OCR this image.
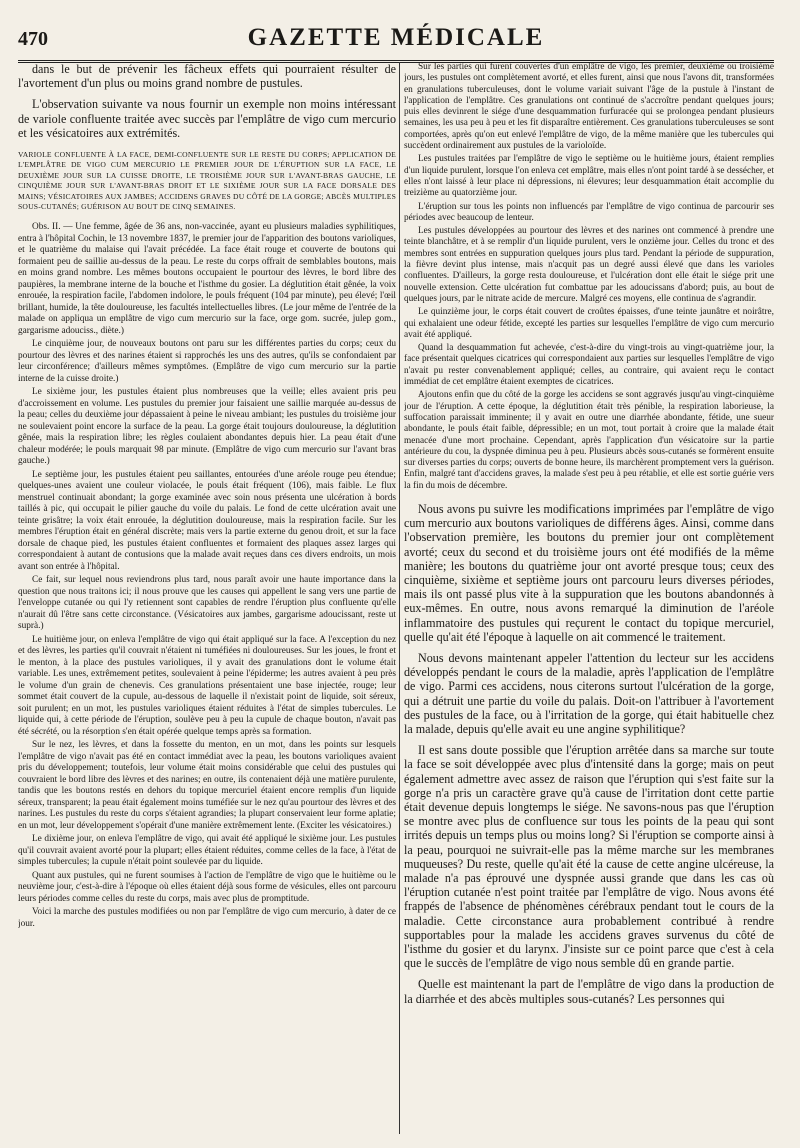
470	GAZETTE MÉDICALE

dans le but de prévenir les fâcheux effets qui pourraient résulter de l'avortement d'un plus ou moins grand nombre de pustules.

L'observation suivante va nous fournir un exemple non moins intéressant de variole confluente traitée avec succès par l'emplâtre de vigo cum mercurio et les vésicatoires aux extrémités.

VARIOLE CONFLUENTE À LA FACE, DEMI-CONFLUENTE SUR LE RESTE DU CORPS; APPLICATION DE L'EMPLÂTRE DE VIGO CUM MERCURIO LE PREMIER JOUR DE L'ÉRUPTION SUR LA FACE, LE DEUXIÈME JOUR SUR LA CUISSE DROITE, LE TROISIÈME JOUR SUR L'AVANT-BRAS GAUCHE, LE CINQUIÈME JOUR SUR L'AVANT-BRAS DROIT ET LE SIXIÈME JOUR SUR LA FACE DORSALE DES MAINS; VÉSICATOIRES AUX JAMBES; ACCIDENS GRAVES DU CÔTÉ DE LA GORGE; ABCÈS MULTIPLES SOUS-CUTANÉS; GUÉRISON AU BOUT DE CINQ SEMAINES.

Obs. II. — Une femme, âgée de 36 ans, non-vaccinée, ayant eu plusieurs maladies syphilitiques, entra à l'hôpital Cochin, le 13 novembre 1837, le premier jour de l'apparition des boutons varioliques, et le quatrième du malaise qui l'avait précédée. La face était rouge et couverte de boutons qui formaient peu de saillie au-dessus de la peau. Le reste du corps offrait de semblables boutons, mais en moins grand nombre. Les mêmes boutons occupaient le pourtour des lèvres, le bord libre des paupières, la membrane interne de la bouche et l'isthme du gosier. La déglutition était gênée, la voix enrouée, la respiration facile, l'abdomen indolore, le pouls fréquent (104 par minute), peu élevé; l'œil brillant, humide, la tête douloureuse, les facultés intellectuelles libres. (Le jour même de l'entrée de la malade on appliqua un emplâtre de vigo cum mercurio sur la face, orge gom. sucrée, julep gom., gargarisme adouciss., diète.)

Le cinquième jour, de nouveaux boutons ont paru sur les différentes parties du corps; ceux du pourtour des lèvres et des narines étaient si rapprochés les uns des autres, qu'ils se confondaient par leur circonférence; d'ailleurs mêmes symptômes. (Emplâtre de vigo cum mercurio sur la partie interne de la cuisse droite.)

Le sixième jour, les pustules étaient plus nombreuses que la veille; elles avaient pris peu d'accroissement en volume. Les pustules du premier jour faisaient une saillie marquée au-dessus de la peau; celles du deuxième jour dépassaient à peine le niveau ambiant; les pustules du troisième jour ne soulevaient point encore la surface de la peau. La gorge était toujours douloureuse, la déglutition gênée, mais la respiration libre; les règles coulaient abondantes depuis hier. La peau était d'une chaleur modérée; le pouls marquait 98 par minute. (Emplâtre de vigo cum mercurio sur l'avant bras gauche.)

Le septième jour, les pustules étaient peu saillantes, entourées d'une aréole rouge peu étendue; quelques-unes avaient une couleur violacée, le pouls était fréquent (106), mais faible. Le flux menstruel continuait abondant; la gorge examinée avec soin nous présenta une ulcération à bords taillés à pic, qui occupait le pilier gauche du voile du palais. Le fond de cette ulcération avait une teinte grisâtre; la voix était enrouée, la déglutition douloureuse, mais la respiration facile. Sur les membres l'éruption était en général discrète; mais vers la partie externe du genou droit, et sur la face dorsale de chaque pied, les pustules étaient confluentes et formaient des plaques assez larges qui correspondaient à autant de contusions que la malade avait reçues dans ces divers endroits, un mois avant son entrée à l'hôpital.

Ce fait, sur lequel nous reviendrons plus tard, nous paraît avoir une haute importance dans la question que nous traitons ici; il nous prouve que les causes qui appellent le sang vers une partie de l'enveloppe cutanée ou qui l'y retiennent sont capables de rendre l'éruption plus confluente qu'elle n'aurait dû l'être sans cette circonstance. (Vésicatoires aux jambes, gargarisme adoucissant, reste ut suprà.)

Le huitième jour, on enleva l'emplâtre de vigo qui était appliqué sur la face. A l'exception du nez et des lèvres, les parties qu'il couvrait n'étaient ni tuméfiées ni douloureuses. Sur les joues, le front et le menton, à la place des pustules varioliques, il y avait des granulations dont le volume était variable. Les unes, extrêmement petites, soulevaient à peine l'épiderme; les autres avaient à peu près le volume d'un grain de chenevis. Ces granulations présentaient une base injectée, rouge; leur sommet était couvert de la cupule, au-dessous de laquelle il n'existait point de liquide, soit séreux, soit purulent; en un mot, les pustules varioliques étaient réduites à l'état de simples tubercules. Le liquide qui, à cette période de l'éruption, soulève peu à peu la cupule de chaque bouton, n'avait pas été sécrété, ou la résorption s'en était opérée quelque temps après sa formation.

Sur le nez, les lèvres, et dans la fossette du menton, en un mot, dans les points sur lesquels l'emplâtre de vigo n'avait pas été en contact immédiat avec la peau, les boutons varioliques avaient pris du développement; toutefois, leur volume était moins considérable que celui des pustules qui couvraient le bord libre des lèvres et des narines; en outre, ils contenaient déjà une matière purulente, tandis que les boutons restés en dehors du topique mercuriel étaient encore remplis d'un liquide séreux, transparent; la peau était également moins tuméfiée sur le nez qu'au pourtour des lèvres et des narines. Les pustules du reste du corps s'étaient agrandies; la plupart conservaient leur forme aplatie; en un mot, leur développement s'opérait d'une manière extrêmement lente. (Exciter les vésicatoires.)

Le dixième jour, on enleva l'emplâtre de vigo, qui avait été appliqué le sixième jour. Les pustules qu'il couvrait avaient avorté pour la plupart; elles étaient réduites, comme celles de la face, à l'état de simples tubercules; la cupule n'était point soulevée par du liquide.

Quant aux pustules, qui ne furent soumises à l'action de l'emplâtre de vigo que le huitième ou le neuvième jour, c'est-à-dire à l'époque où elles étaient déjà sous forme de vésicules, elles ont parcouru leurs périodes comme celles du reste du corps, mais avec plus de promptitude.

Voici la marche des pustules modifiées ou non par l'emplâtre de vigo cum mercurio, à dater de ce jour.

Sur les parties qui furent couvertes d'un emplâtre de vigo, les premier, deuxième ou troisième jours, les pustules ont complètement avorté, et elles furent, ainsi que nous l'avons dit, transformées en granulations tuberculeuses, dont le volume variait suivant l'âge de la pustule à l'instant de l'application de l'emplâtre. Ces granulations ont continué de s'accroître pendant quelques jours; puis elles devinrent le siége d'une desquammation furfuracée qui se prolongea pendant plusieurs semaines, les usa peu à peu et les fit disparaître entièrement. Ces granulations tuberculeuses se sont comportées, après qu'on eut enlevé l'emplâtre de vigo, de la même manière que les tubercules qui succèdent ordinairement aux pustules de la varioloïde.

Les pustules traitées par l'emplâtre de vigo le septième ou le huitième jours, étaient remplies d'un liquide purulent, lorsque l'on enleva cet emplâtre, mais elles n'ont point tardé à se dessécher, et elles n'ont laissé à leur place ni dépressions, ni élevures; leur desquammation était accomplie du treizième au quatorzième jour.

L'éruption sur tous les points non influencés par l'emplâtre de vigo continua de parcourir ses périodes avec beaucoup de lenteur.

Les pustules développées au pourtour des lèvres et des narines ont commencé à prendre une teinte blanchâtre, et à se remplir d'un liquide purulent, vers le onzième jour. Celles du tronc et des membres sont entrées en suppuration quelques jours plus tard. Pendant la période de suppuration, la fièvre devint plus intense, mais n'acquit pas un degré aussi élevé que dans les varioles confluentes. D'ailleurs, la gorge resta douloureuse, et l'ulcération dont elle était le siége prit une nouvelle extension. Cette ulcération fut combattue par les adoucissans d'abord; puis, au bout de quelques jours, par le nitrate acide de mercure. Malgré ces moyens, elle continua de s'agrandir.

Le quinzième jour, le corps était couvert de croûtes épaisses, d'une teinte jaunâtre et noirâtre, qui exhalaient une odeur fétide, excepté les parties sur lesquelles l'emplâtre de vigo cum mercurio avait été appliqué.

Quand la desquammation fut achevée, c'est-à-dire du vingt-trois au vingt-quatrième jour, la face présentait quelques cicatrices qui correspondaient aux parties sur lesquelles l'emplâtre de vigo n'avait pu rester convenablement appliqué; celles, au contraire, qui avaient reçu le contact immédiat de cet emplâtre étaient exemptes de cicatrices.

Ajoutons enfin que du côté de la gorge les accidens se sont aggravés jusqu'au vingt-cinquième jour de l'éruption. A cette époque, la déglutition était très pénible, la respiration laborieuse, la suffocation paraissait imminente; il y avait en outre une diarrhée abondante, fétide, une sueur abondante, le pouls était faible, dépressible; en un mot, tout portait à croire que la malade était menacée d'une mort prochaine. Cependant, après l'application d'un vésicatoire sur la partie antérieure du cou, la dyspnée diminua peu à peu. Plusieurs abcès sous-cutanés se formèrent ensuite sur diverses parties du corps; ouverts de bonne heure, ils marchèrent promptement vers la guérison. Enfin, malgré tant d'accidens graves, la malade s'est peu à peu rétablie, et elle est sortie guérie vers la fin du mois de décembre.

Nous avons pu suivre les modifications imprimées par l'emplâtre de vigo cum mercurio aux boutons varioliques de différens âges. Ainsi, comme dans l'observation première, les boutons du premier jour ont complètement avorté; ceux du second et du troisième jours ont été modifiés de la même manière; les boutons du quatrième jour ont avorté presque tous; ceux des cinquième, sixième et septième jours ont parcouru leurs diverses périodes, mais ils ont passé plus vite à la suppuration que les boutons abandonnés à eux-mêmes. En outre, nous avons remarqué la diminution de l'aréole inflammatoire des pustules qui reçurent le contact du topique mercuriel, quelle qu'ait été l'époque à laquelle on ait commencé le traitement.

Nous devons maintenant appeler l'attention du lecteur sur les accidens développés pendant le cours de la maladie, après l'application de l'emplâtre de vigo. Parmi ces accidens, nous citerons surtout l'ulcération de la gorge, qui a détruit une partie du voile du palais. Doit-on l'attribuer à l'avortement des pustules de la face, ou à l'irritation de la gorge, qui était habituelle chez la malade, depuis qu'elle avait eu une angine syphilitique?

Il est sans doute possible que l'éruption arrêtée dans sa marche sur toute la face se soit développée avec plus d'intensité dans la gorge; mais on peut également admettre avec assez de raison que l'éruption qui s'est faite sur la gorge n'a pris un caractère grave qu'à cause de l'irritation dont cette partie était devenue depuis longtemps le siége. Ne savons-nous pas que l'éruption se montre avec plus de confluence sur tous les points de la peau qui sont irrités depuis un temps plus ou moins long? Si l'éruption se comporte ainsi à la peau, pourquoi ne suivrait-elle pas la même marche sur les membranes muqueuses? Du reste, quelle qu'ait été la cause de cette angine ulcéreuse, la malade n'a pas éprouvé une dyspnée aussi grande que dans les cas où l'éruption cutanée n'est point traitée par l'emplâtre de vigo. Nous avons été frappés de l'absence de phénomènes cérébraux pendant tout le cours de la maladie. Cette circonstance aura probablement contribué à rendre supportables pour la malade les accidens graves survenus du côté de l'isthme du gosier et du larynx. J'insiste sur ce point parce que c'est à cela que le succès de l'emplâtre de vigo nous semble dû en grande partie.

Quelle est maintenant la part de l'emplâtre de vigo dans la production de la diarrhée et des abcès multiples sous-cutanés? Les personnes qui
